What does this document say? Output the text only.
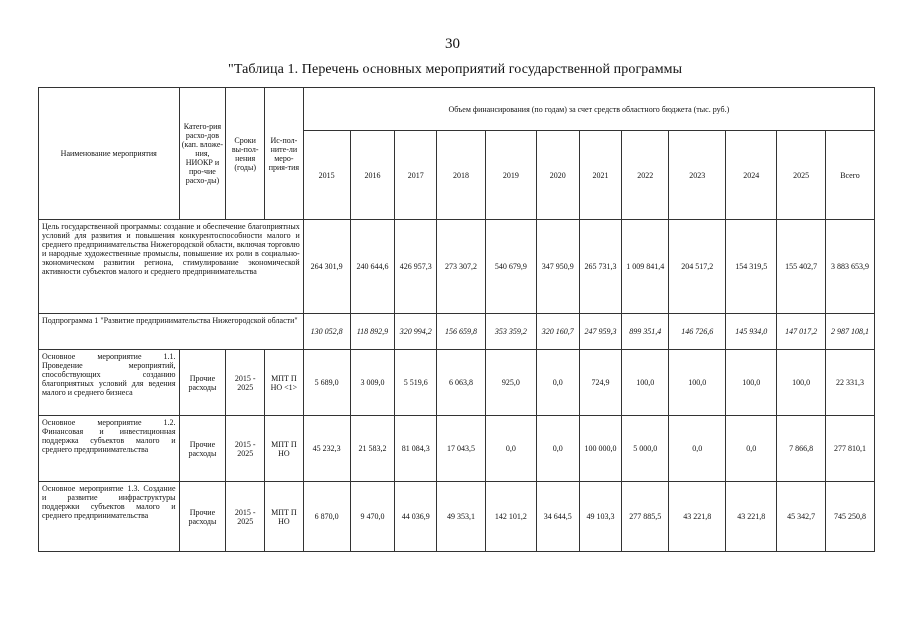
30
"Таблица 1. Перечень основных мероприятий государственной программы
Наименование мероприятия	Катего-рия расхо-дов (кап. вложе-ния, НИОКР и про-чие расхо-ды)	Сроки вы-пол-нения (годы)	Ис-пол-ните-ли меро-прия-тия	Объем финансирования (по годам) за счет средств областного бюджета (тыс. руб.)											
				2015	2016	2017	2018	2019	2020	2021	2022	2023	2024	2025	Всего
Цель государственной программы: создание и обеспечение благоприятных условий для развития и повышения конкурентоспособности малого и среднего предпринимательства Нижегородской области, включая торговлю и народные художественные промыслы, повышение их роли в социально-экономическом развитии региона, стимулирование экономической активности субъектов малого и среднего предпринимательства				264 301,9	240 644,6	426 957,3	273 307,2	540 679,9	347 950,9	265 731,3	1 009 841,4	204 517,2	154 319,5	155 402,7	3 883 653,9
Подпрограмма 1 "Развитие предпринимательства Нижегородской области"				130 052,8	118 892,9	320 994,2	156 659,8	353 359,2	320 160,7	247 959,3	899 351,4	146 726,6	145 934,0	147 017,2	2 987 108,1
Основное мероприятие 1.1. Проведение мероприятий, способствующих созданию благоприятных условий для ведения малого и среднего бизнеса	Прочие расходы	2015 - 2025	МПТ П НО <1>	5 689,0	3 009,0	5 519,6	6 063,8	925,0	0,0	724,9	100,0	100,0	100,0	100,0	22 331,3
Основное мероприятие 1.2. Финансовая и инвестиционная поддержка субъектов малого и среднего предпринимательства	Прочие расходы	2015 - 2025	МПТ П НО	45 232,3	21 583,2	81 084,3	17 043,5	0,0	0,0	100 000,0	5 000,0	0,0	0,0	7 866,8	277 810,1
Основное мероприятие 1.3. Создание и развитие инфраструктуры поддержки субъектов малого и среднего предпринимательства	Прочие расходы	2015 - 2025	МПТ П НО	6 870,0	9 470,0	44 036,9	49 353,1	142 101,2	34 644,5	49 103,3	277 885,5	43 221,8	43 221,8	45 342,7	745 250,8
